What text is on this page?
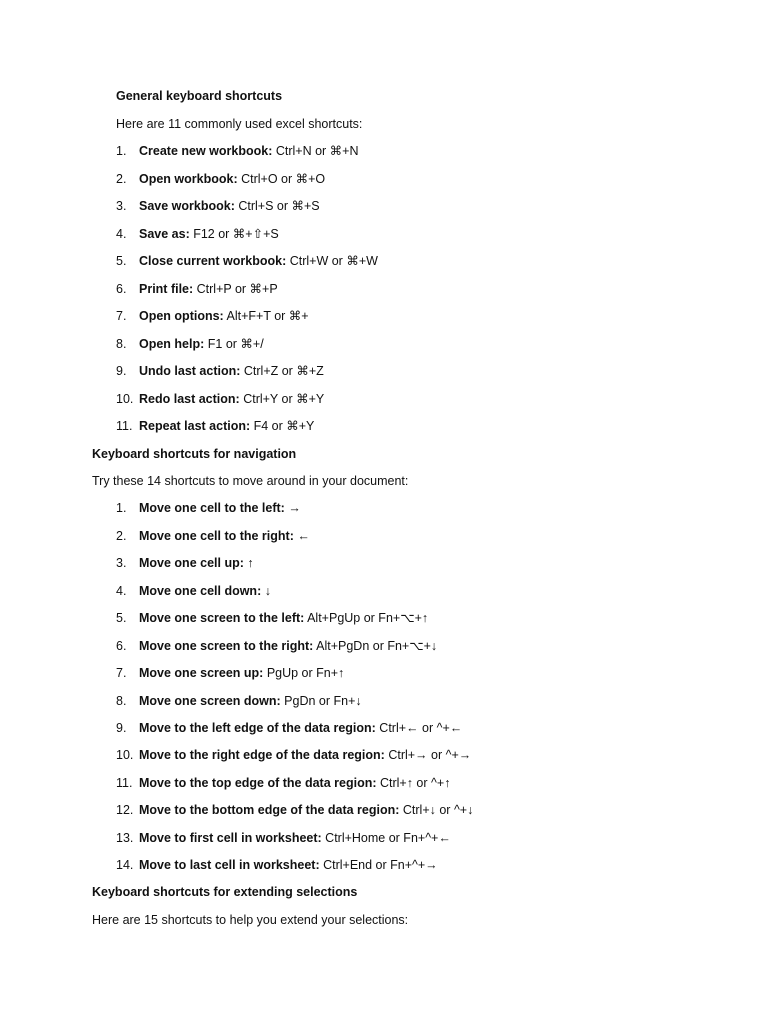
General keyboard shortcuts
Here are 11 commonly used excel shortcuts:
1. Create new workbook: Ctrl+N or ⌘+N
2. Open workbook: Ctrl+O or ⌘+O
3. Save workbook: Ctrl+S or ⌘+S
4. Save as: F12 or ⌘+⇧+S
5. Close current workbook: Ctrl+W or ⌘+W
6. Print file: Ctrl+P or ⌘+P
7. Open options: Alt+F+T or ⌘+
8. Open help: F1 or ⌘+/
9. Undo last action: Ctrl+Z or ⌘+Z
10. Redo last action: Ctrl+Y or ⌘+Y
11. Repeat last action: F4 or ⌘+Y
Keyboard shortcuts for navigation
Try these 14 shortcuts to move around in your document:
1. Move one cell to the left: →
2. Move one cell to the right: ←
3. Move one cell up: ↑
4. Move one cell down: ↓
5. Move one screen to the left: Alt+PgUp or Fn+⌥+↑
6. Move one screen to the right: Alt+PgDn or Fn+⌥+↓
7. Move one screen up: PgUp or Fn+↑
8. Move one screen down: PgDn or Fn+↓
9. Move to the left edge of the data region: Ctrl+← or ^+←
10. Move to the right edge of the data region: Ctrl+→ or ^+→
11. Move to the top edge of the data region: Ctrl+↑ or ^+↑
12. Move to the bottom edge of the data region: Ctrl+↓ or ^+↓
13. Move to first cell in worksheet: Ctrl+Home or Fn+^+←
14. Move to last cell in worksheet: Ctrl+End or Fn+^+→
Keyboard shortcuts for extending selections
Here are 15 shortcuts to help you extend your selections:
